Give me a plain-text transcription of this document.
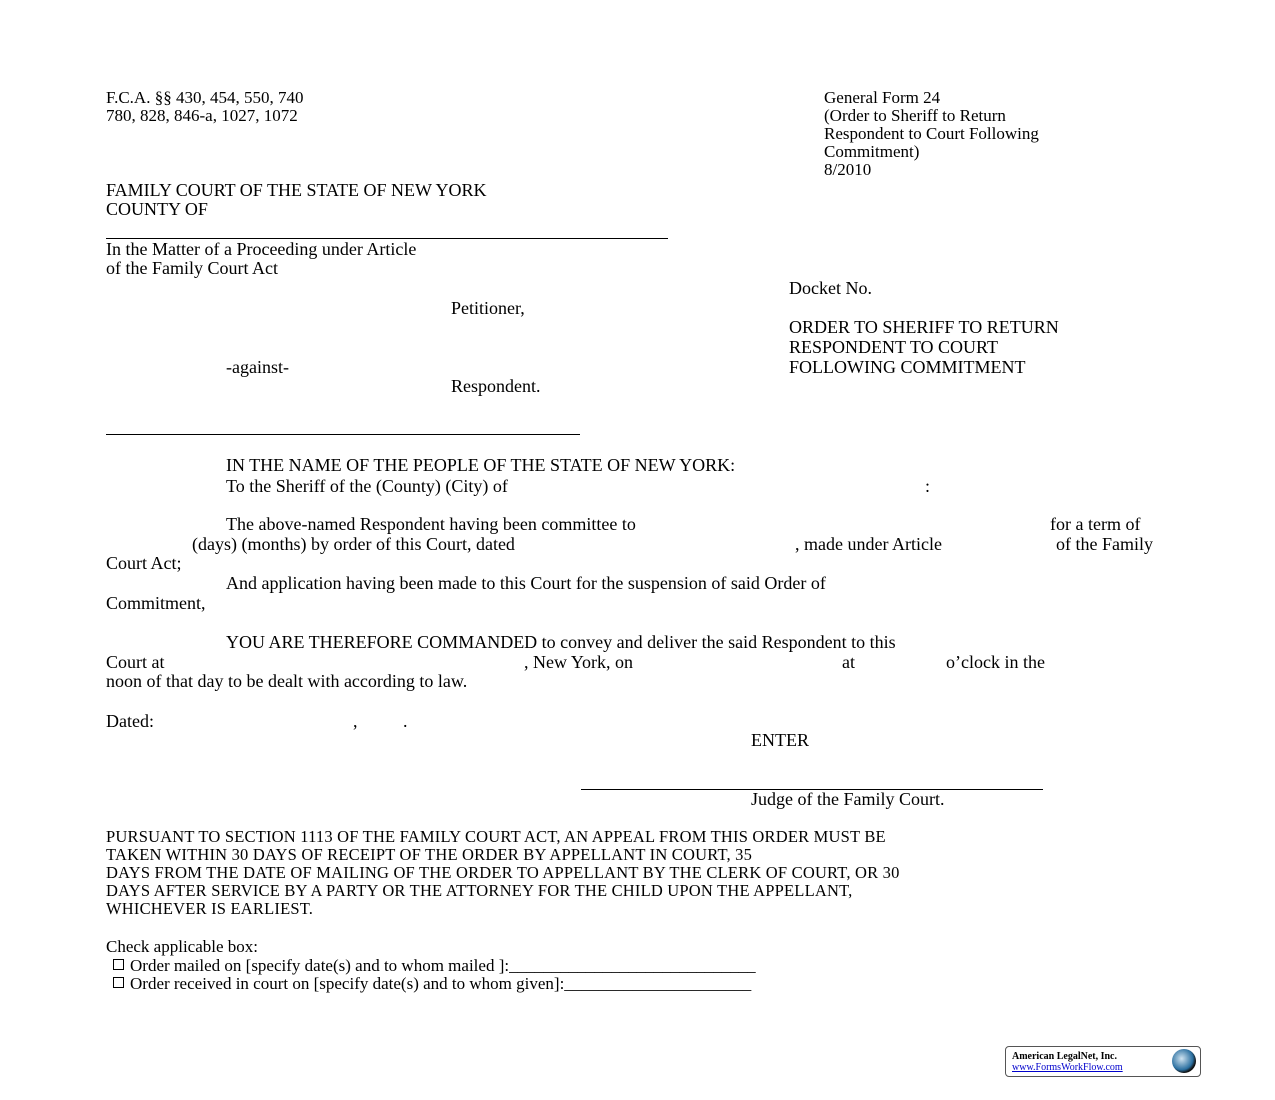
F.C.A. §§ 430, 454, 550, 740
780, 828, 846-a, 1027, 1072
General Form 24
(Order to Sheriff to Return
Respondent to Court Following
Commitment)
8/2010
FAMILY COURT OF THE STATE OF NEW YORK
COUNTY OF
In the Matter of a Proceeding under Article
of the Family Court Act
Docket No.
Petitioner,
ORDER TO SHERIFF TO RETURN
RESPONDENT TO COURT
FOLLOWING COMMITMENT
-against-
Respondent.
IN THE NAME OF THE PEOPLE OF THE STATE OF NEW YORK:
To the Sheriff of the (County) (City) of	:
The above-named Respondent having been committee to	for a term of
(days) (months) by order of this Court, dated	, made under Article	of the Family
Court Act;
And application having been made to this Court for the suspension of said Order of
Commitment,
YOU ARE THEREFORE COMMANDED to convey and deliver the said Respondent to this
Court at	, New York, on	at	o’clock in the
noon of that day to be dealt with according to law.
Dated:	,	.
ENTER
Judge of the Family Court.
PURSUANT TO SECTION 1113 OF THE FAMILY COURT ACT, AN APPEAL FROM THIS ORDER MUST BE
TAKEN WITHIN 30 DAYS OF RECEIPT OF THE ORDER BY APPELLANT IN COURT, 35
DAYS FROM THE DATE OF MAILING OF THE ORDER TO APPELLANT BY THE CLERK OF COURT, OR 30
DAYS AFTER SERVICE BY A PARTY OR THE ATTORNEY FOR THE CHILD UPON THE APPELLANT,
WHICHEVER IS EARLIEST.
Check applicable box:
Order mailed on [specify date(s) and to whom mailed ]:_____________________________
Order received in court on [specify date(s) and to whom given]:______________________
American LegalNet, Inc.
www.FormsWorkFlow.com
